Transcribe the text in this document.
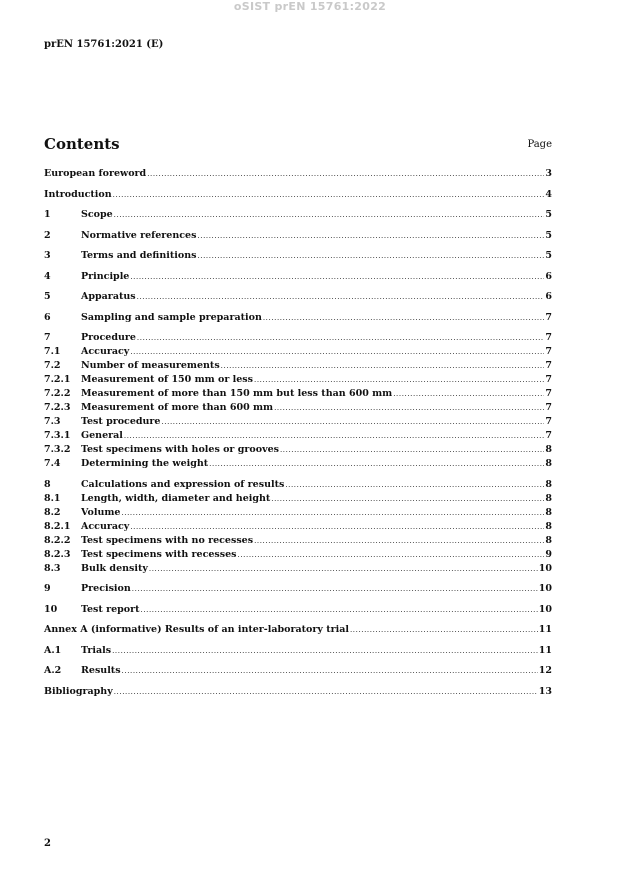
oSIST prEN 15761:2022
prEN 15761:2021 (E)
Contents	Page
European foreword .....	3
Introduction .....	4
1	Scope .....	5
2	Normative references .....	5
3	Terms and definitions .....	5
4	Principle .....	6
5	Apparatus .....	6
6	Sampling and sample preparation .....	7
7	Procedure .....	7
7.1	Accuracy .....	7
7.2	Number of measurements .....	7
7.2.1	Measurement of 150 mm or less .....	7
7.2.2	Measurement of more than 150 mm but less than 600 mm .....	7
7.2.3	Measurement of more than 600 mm .....	7
7.3	Test procedure .....	7
7.3.1	General .....	7
7.3.2	Test specimens with holes or grooves .....	8
7.4	Determining the weight .....	8
8	Calculations and expression of results .....	8
8.1	Length, width, diameter and height .....	8
8.2	Volume .....	8
8.2.1	Accuracy .....	8
8.2.2	Test specimens with no recesses .....	8
8.2.3	Test specimens with recesses .....	9
8.3	Bulk density .....	10
9	Precision .....	10
10	Test report .....	10
Annex A (informative) Results of an inter-laboratory trial .....	11
A.1	Trials .....	11
A.2	Results .....	12
Bibliography .....	13
2
